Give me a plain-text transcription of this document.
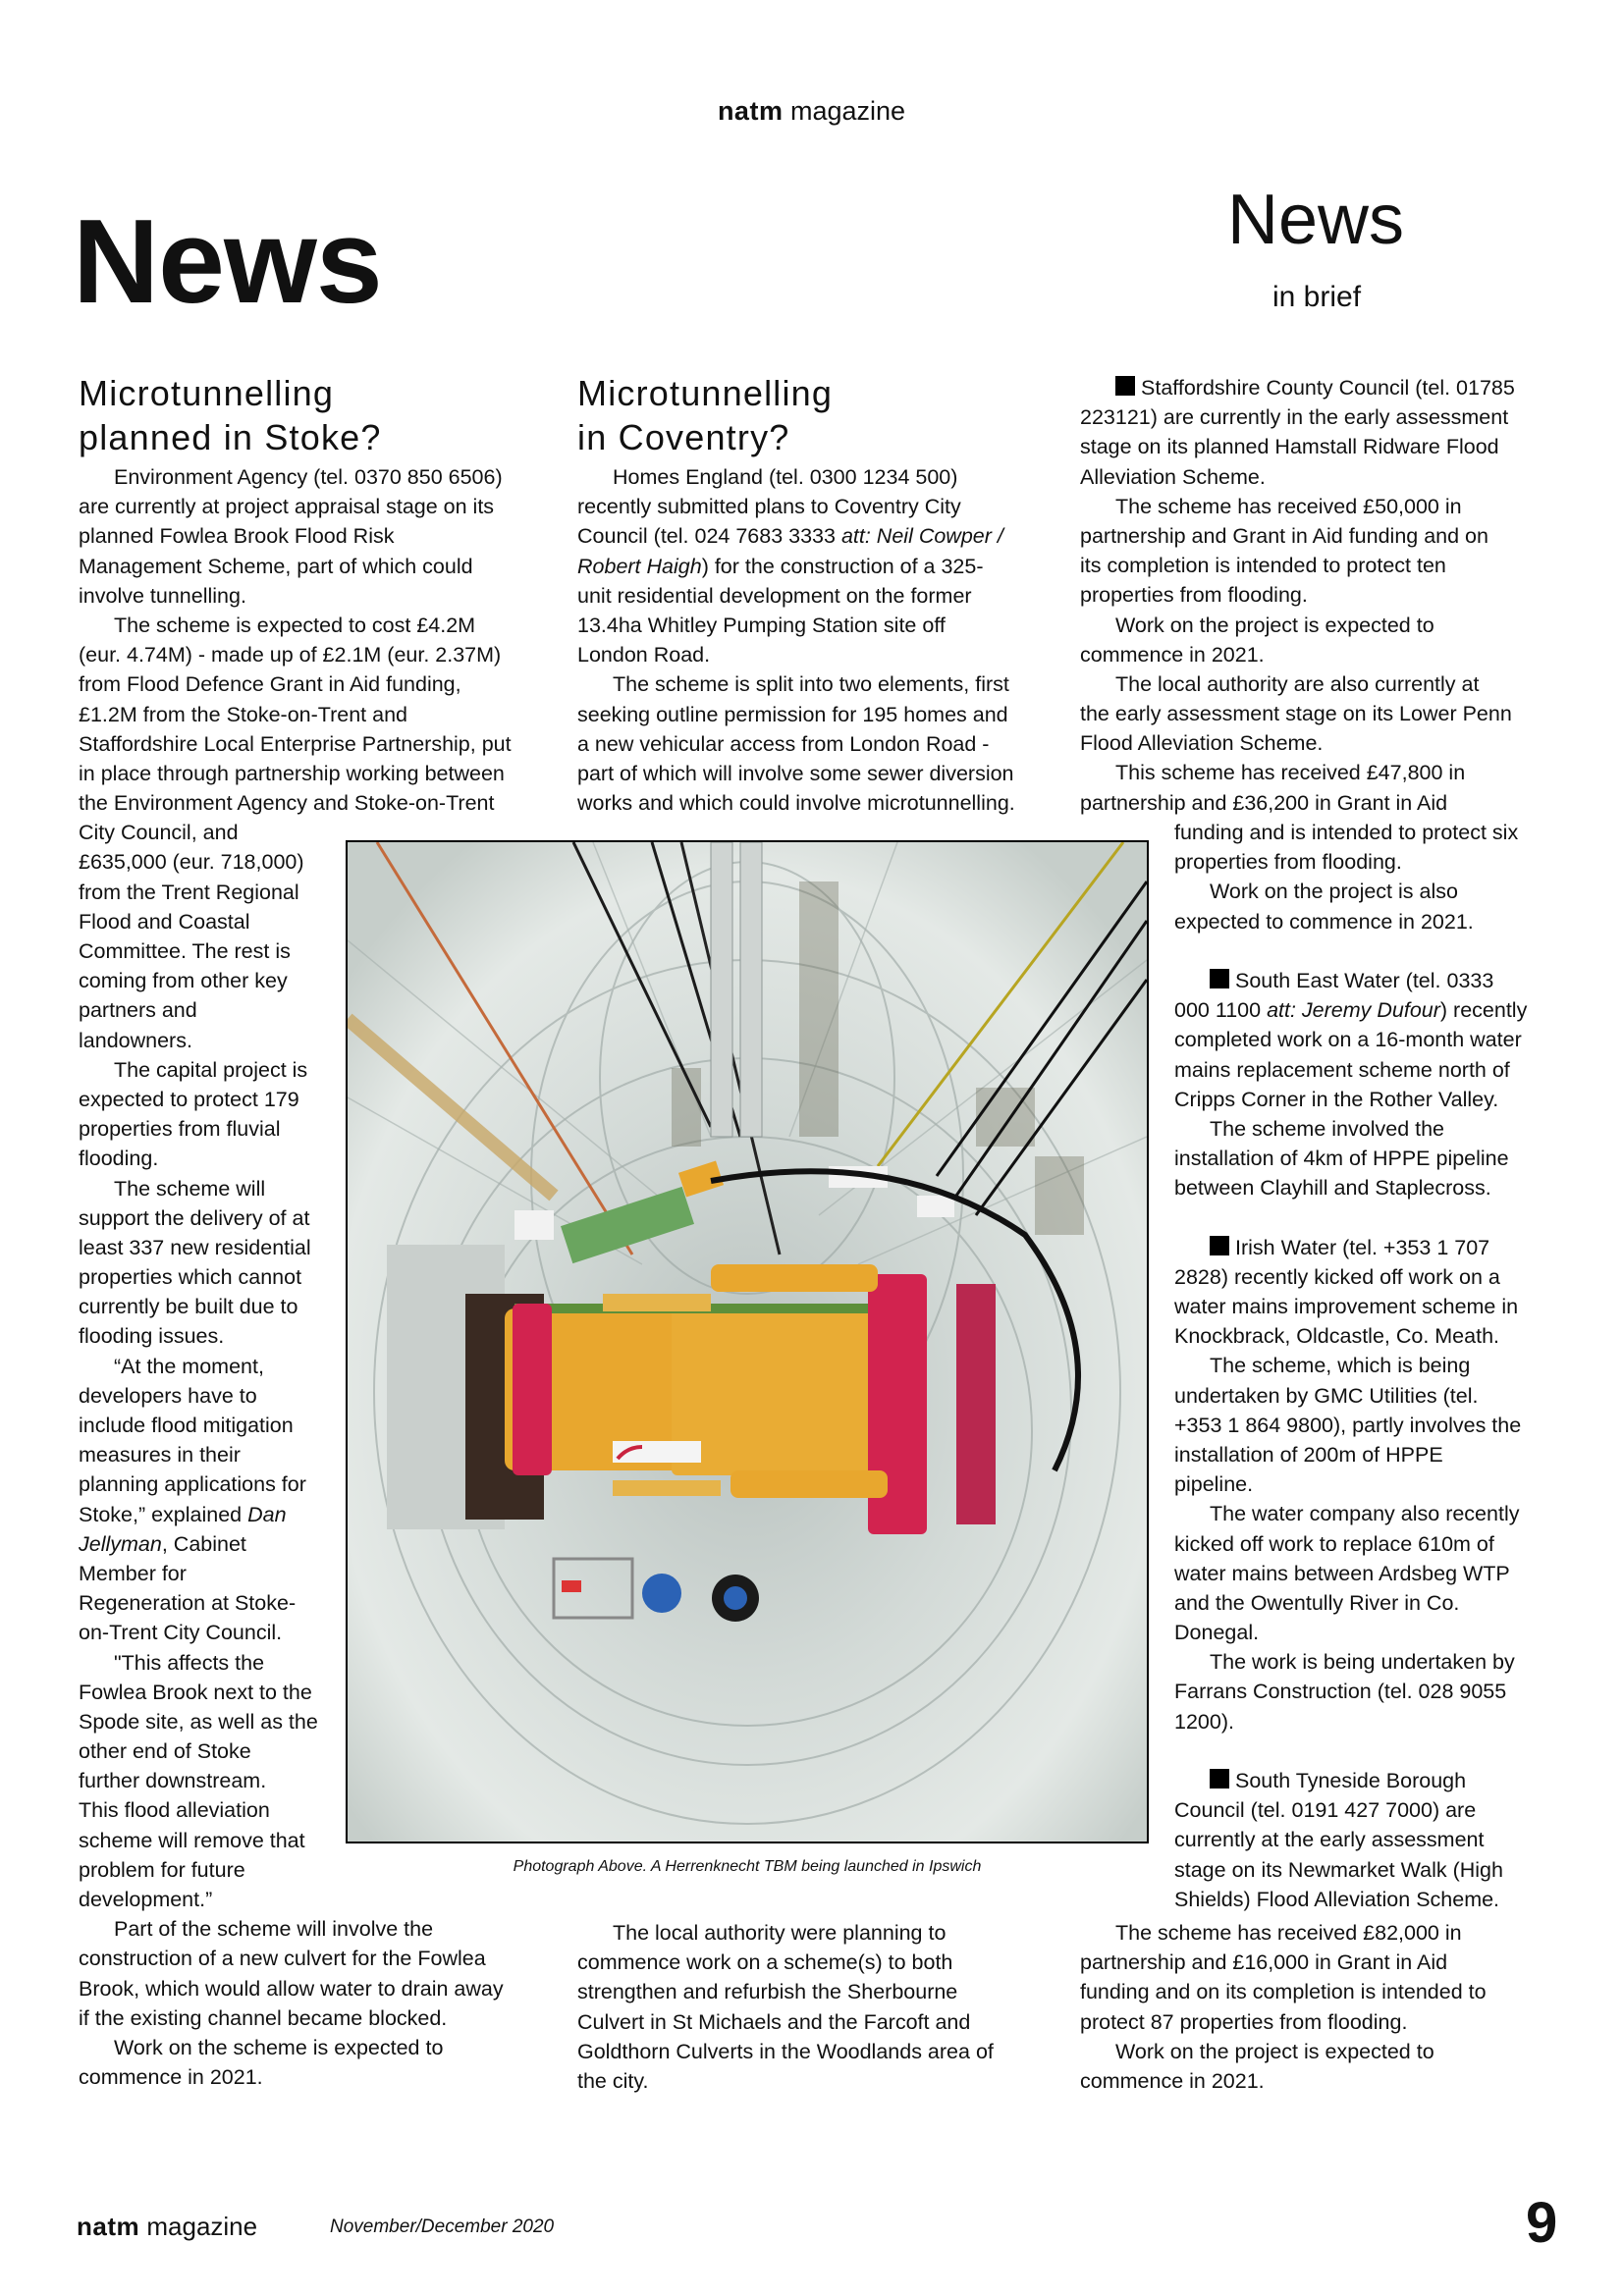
natm magazine
News	News
in brief
Microtunnelling
planned in Stoke?
Environment Agency (tel. 0370 850 6506)
are currently at project appraisal stage on its
planned Fowlea Brook Flood Risk
Management Scheme, part of which could
involve tunnelling.
The scheme is expected to cost £4.2M
(eur. 4.74M) - made up of £2.1M (eur. 2.37M)
from Flood Defence Grant in Aid funding,
£1.2M from the Stoke-on-Trent and
Staffordshire Local Enterprise Partnership, put
in place through partnership working between
the Environment Agency and Stoke-on-Trent
City Council, and
£635,000 (eur. 718,000)
from the Trent Regional
Flood and Coastal
Committee. The rest is
coming from other key
partners and
landowners.
The capital project is
expected to protect 179
properties from fluvial
flooding.
The scheme will
support the delivery of at
least 337 new residential
properties which cannot
currently be built due to
flooding issues.
“At the moment,
developers have to
include flood mitigation
measures in their
planning applications for
Stoke,” explained Dan
Jellyman, Cabinet
Member for
Regeneration at Stoke-
on-Trent City Council.
"This affects the
Fowlea Brook next to the
Spode site, as well as the
other end of Stoke
further downstream.
This flood alleviation
scheme will remove that
problem for future
development.”
Part of the scheme will involve the
construction of a new culvert for the Fowlea
Brook, which would allow water to drain away
if the existing channel became blocked.
Work on the scheme is expected to
commence in 2021.
Microtunnelling
in Coventry?
Homes England (tel. 0300 1234 500)
recently submitted plans to Coventry City
Council (tel. 024 7683 3333 att: Neil Cowper /
Robert Haigh) for the construction of a 325-
unit residential development on the former
13.4ha Whitley Pumping Station site off
London Road.
The scheme is split into two elements, first
seeking outline permission for 195 homes and
a new vehicular access from London Road -
part of which will involve some sewer diversion
works and which could involve microtunnelling.
The local authority were planning to
commence work on a scheme(s) to both
strengthen and refurbish the Sherbourne
Culvert in St Michaels and the Farcoft and
Goldthorn Culverts in the Woodlands area of
the city.
Staffordshire County Council (tel. 01785
223121) are currently in the early assessment
stage on its planned Hamstall Ridware Flood
Alleviation Scheme.
The scheme has received £50,000 in
partnership and Grant in Aid funding and on
its completion is intended to protect ten
properties from flooding.
Work on the project is expected to
commence in 2021.
The local authority are also currently at
the early assessment stage on its Lower Penn
Flood Alleviation Scheme.
This scheme has received £47,800 in
partnership and £36,200 in Grant in Aid
funding and is intended to protect six
properties from flooding.
Work on the project is also
expected to commence in 2021.
South East Water (tel. 0333
000 1100 att: Jeremy Dufour) recently
completed work on a 16-month water
mains replacement scheme north of
Cripps Corner in the Rother Valley.
The scheme involved the
installation of 4km of HPPE pipeline
between Clayhill and Staplecross.
Irish Water (tel. +353 1 707
2828) recently kicked off work on a
water mains improvement scheme in
Knockbrack, Oldcastle, Co. Meath.
The scheme, which is being
undertaken by GMC Utilities (tel.
+353 1 864 9800), partly involves the
installation of 200m of HPPE
pipeline.
The water company also recently
kicked off work to replace 610m of
water mains between Ardsbeg WTP
and the Owentully River in Co.
Donegal.
The work is being undertaken by
Farrans Construction (tel. 028 9055
1200).
South Tyneside Borough
Council (tel. 0191 427 7000) are
currently at the early assessment
stage on its Newmarket Walk (High
Shields) Flood Alleviation Scheme.
The scheme has received £82,000 in
partnership and £16,000 in Grant in Aid
funding and on its completion is intended to
protect 87 properties from flooding.
Work on the project is expected to
commence in 2021.
Photograph Above. A Herrenknecht TBM being launched in Ipswich
natm magazine	November/December 2020	9
